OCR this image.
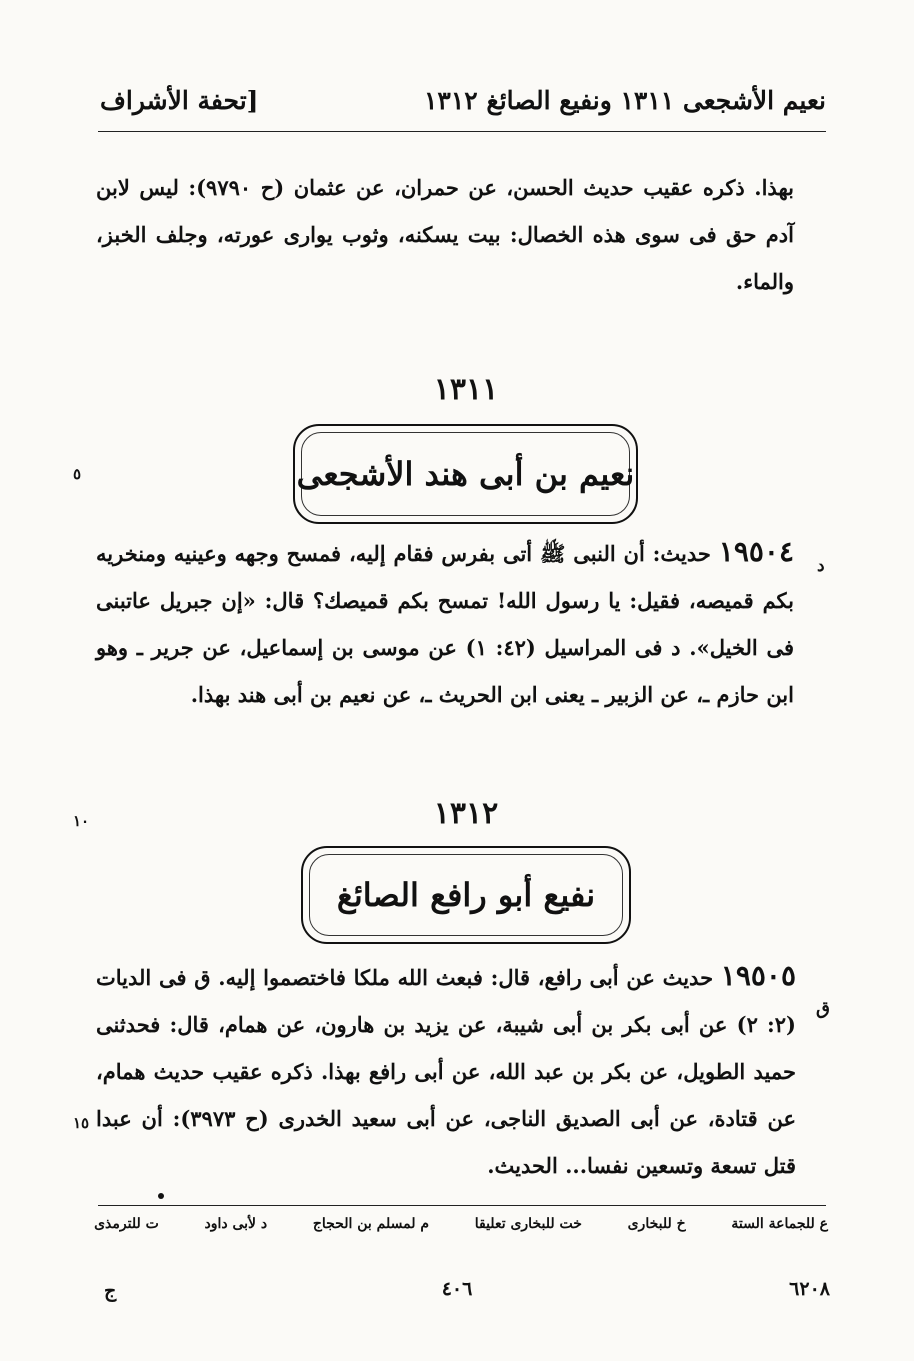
نعيم الأشجعى ١٣١١ ونفيع الصائغ ١٣١٢
[تحفة الأشراف
بهذا. ذكره عقيب حديث الحسن، عن حمران، عن عثمان (ح ٩٧٩٠): ليس لابن آدم حق فى سوى هذه الخصال: بيت يسكنه، وثوب يوارى عورته، وجلف الخبز، والماء.
١٣١١
نعيم بن أبى هند الأشجعى
٥
د
١٩٥٠٤ حديث: أن النبى ﷺ أتى بفرس فقام إليه، فمسح وجهه وعينيه ومنخريه بكم قميصه، فقيل: يا رسول الله! تمسح بكم قميصك؟ قال: «إن جبريل عاتبنى فى الخيل». د فى المراسيل (٤٢: ١) عن موسى بن إسماعيل، عن جرير ـ وهو ابن حازم ـ، عن الزبير ـ يعنى ابن الحريث ـ، عن نعيم بن أبى هند بهذا.
١٣١٢
١٠
نفيع أبو رافع الصائغ
ق
١٥
١٩٥٠٥ حديث عن أبى رافع، قال: فبعث الله ملكا فاختصموا إليه. ق فى الديات (٢: ٢) عن أبى بكر بن أبى شيبة، عن يزيد بن هارون، عن همام، قال: فحدثنى حميد الطويل، عن بكر بن عبد الله، عن أبى رافع بهذا. ذكره عقيب حديث همام، عن قتادة، عن أبى الصديق الناجى، عن أبى سعيد الخدرى (ح ٣٩٧٣): أن عبدا قتل تسعة وتسعين نفسا... الحديث.
ع للجماعة الستة
خ للبخارى
خت للبخارى تعليقا
م لمسلم بن الحجاج
د لأبى داود
ت للترمذى
٦٢٠٨
٤٠٦
ج
